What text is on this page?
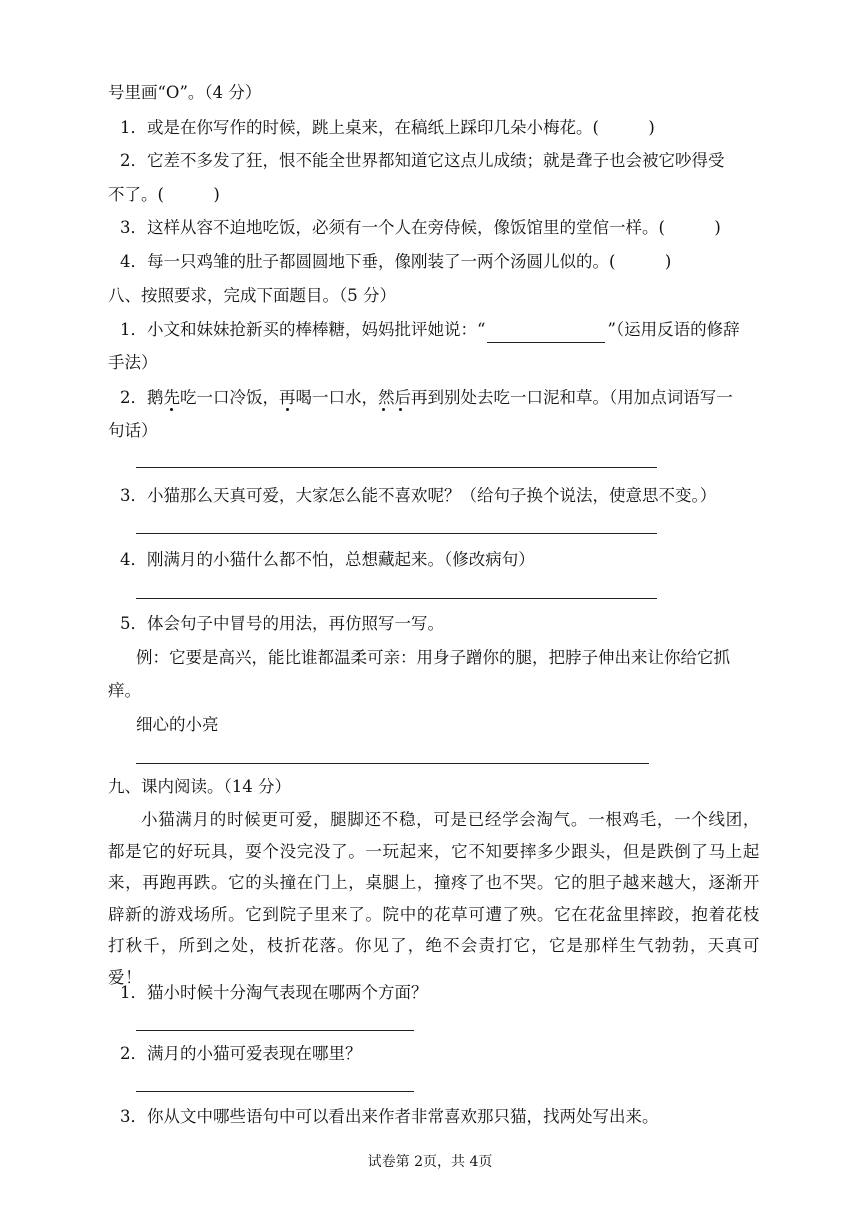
号里画“O”。（4 分）
1．或是在你写作的时候，跳上桌来，在稿纸上踩印几朵小梅花。(　　　)
2．它差不多发了狂，恨不能全世界都知道它这点儿成绩；就是聋子也会被它吵得受
不了。(　　　)
3．这样从容不迫地吃饭，必须有一个人在旁侍候，像饭馆里的堂倌一样。(　　　)
4．每一只鸡雏的肚子都圆圆地下垂，像刚装了一两个汤圆儿似的。(　　　)
八、按照要求，完成下面题目。（5 分）
1．小文和妹妹抢新买的棒棒糖，妈妈批评她说：“	”（运用反语的修辞
手法）
2．鹅先吃一口冷饭，再喝一口水，然后
再到别处去吃一口泥和草。（用加点词语写一
句话）
3．小猫那么天真可爱，大家怎么能不喜欢呢？（给句子换个说法，使意思不变。）
4．刚满月的小猫什么都不怕，总想藏起来。（修改病句）
5．体会句子中冒号的用法，再仿照写一写。
例：它要是高兴，能比谁都温柔可亲：用身子蹭你的腿，把脖子伸出来让你给它抓
痒。
细心的小亮
九、课内阅读。（14 分）
小猫满月的时候更可爱，腿脚还不稳，可是已经学会淘气。一根鸡毛，一个线团，都是它的好玩具，耍个没完没了。一玩起来，它不知要摔多少跟头，但是跌倒了马上起来，再跑再跌。它的头撞在门上，桌腿上，撞疼了也不哭。它的胆子越来越大，逐渐开辟新的游戏场所。它到院子里来了。院中的花草可遭了殃。它在花盆里摔跤，抱着花枝打秋千，所到之处，枝折花落。你见了，绝不会责打它，它是那样生气勃勃，天真可爱！
1．猫小时候十分淘气表现在哪两个方面？
2．满月的小猫可爱表现在哪里？
3．你从文中哪些语句中可以看出来作者非常喜欢那只猫，找两处写出来。
试卷第 2页，共 4页
